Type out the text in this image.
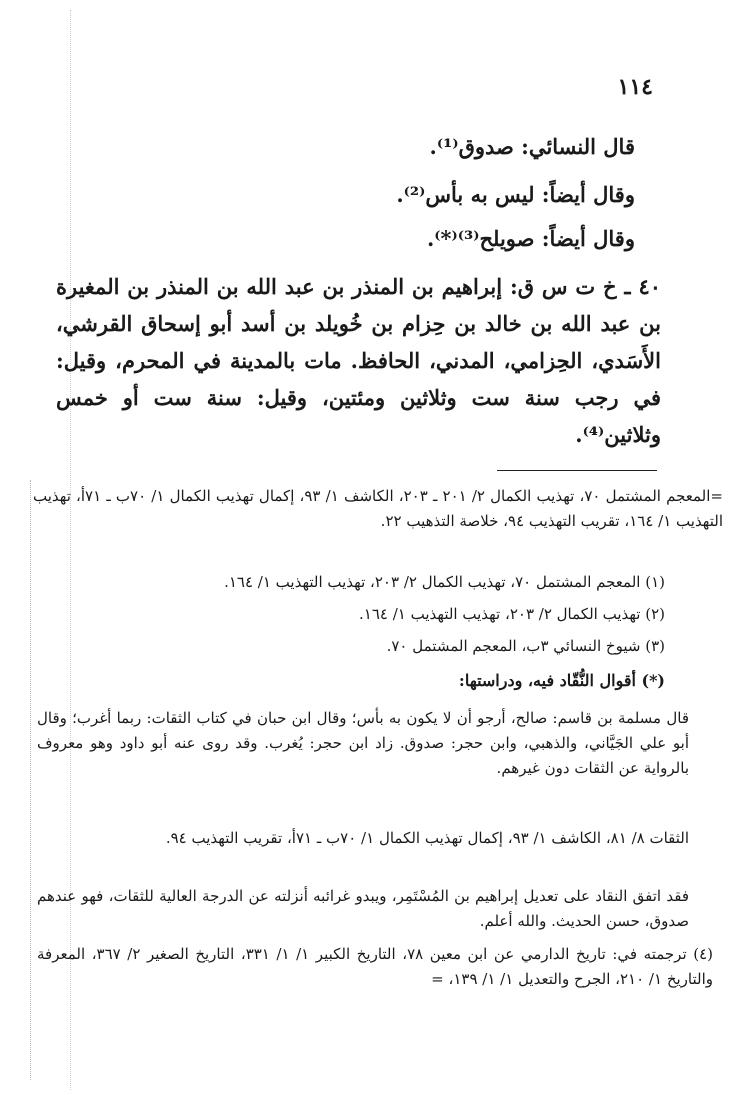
١١٤

قال النسائي: صدوق⁽¹⁾.

وقال أيضاً: ليس به بأس⁽²⁾.

وقال أيضاً: صويلح⁽³⁾⁽*⁾.

٤٠ ـ خ ت س ق: إبراهيم بن المنذر بن عبد الله بن المنذر بن المغيرة بن عبد الله بن خالد بن حِزام بن خُويلد بن أسد أبو إسحاق القرشي، الأَسَدي، الحِزامي، المدني، الحافظ. مات بالمدينة في المحرم، وقيل: في رجب سنة ست وثلاثين ومئتين، وقيل: سنة ست أو خمس وثلاثين⁽⁴⁾.

=المعجم المشتمل ٧٠، تهذيب الكمال ٢/ ٢٠١ ـ ٢٠٣، الكاشف ١/ ٩٣، إكمال تهذيب الكمال ١/ ٧٠ب ـ ٧١أ، تهذيب التهذيب ١/ ١٦٤، تقريب التهذيب ٩٤، خلاصة التذهيب ٢٢.

(١) المعجم المشتمل ٧٠، تهذيب الكمال ٢/ ٢٠٣، تهذيب التهذيب ١/ ١٦٤.

(٢) تهذيب الكمال ٢/ ٢٠٣، تهذيب التهذيب ١/ ١٦٤.

(٣) شيوخ النسائي ٣ب، المعجم المشتمل ٧٠.

(*) أقوال النُّقّاد فيه، ودراستها:

قال مسلمة بن قاسم: صالح، أرجو أن لا يكون به بأس؛ وقال ابن حبان في كتاب الثقات: ربما أغرب؛ وقال أبو علي الجَيَّاني، والذهبي، وابن حجر: صدوق. زاد ابن حجر: يُغرب. وقد روى عنه أبو داود وهو معروف بالرواية عن الثقات دون غيرهم.

الثقات ٨/ ٨١، الكاشف ١/ ٩٣، إكمال تهذيب الكمال ١/ ٧٠ب ـ ٧١أ، تقريب التهذيب ٩٤.

فقد اتفق النقاد على تعديل إبراهيم بن المُسْتَمِر، ويبدو غرائبه أنزلته عن الدرجة العالية للثقات، فهو عندهم صدوق، حسن الحديث. والله أعلم.

(٤) ترجمته في: تاريخ الدارمي عن ابن معين ٧٨، التاريخ الكبير ١/ ١/ ٣٣١، التاريخ الصغير ٢/ ٣٦٧، المعرفة والتاريخ ١/ ٢١٠، الجرح والتعديل ١/ ١/ ١٣٩، =
